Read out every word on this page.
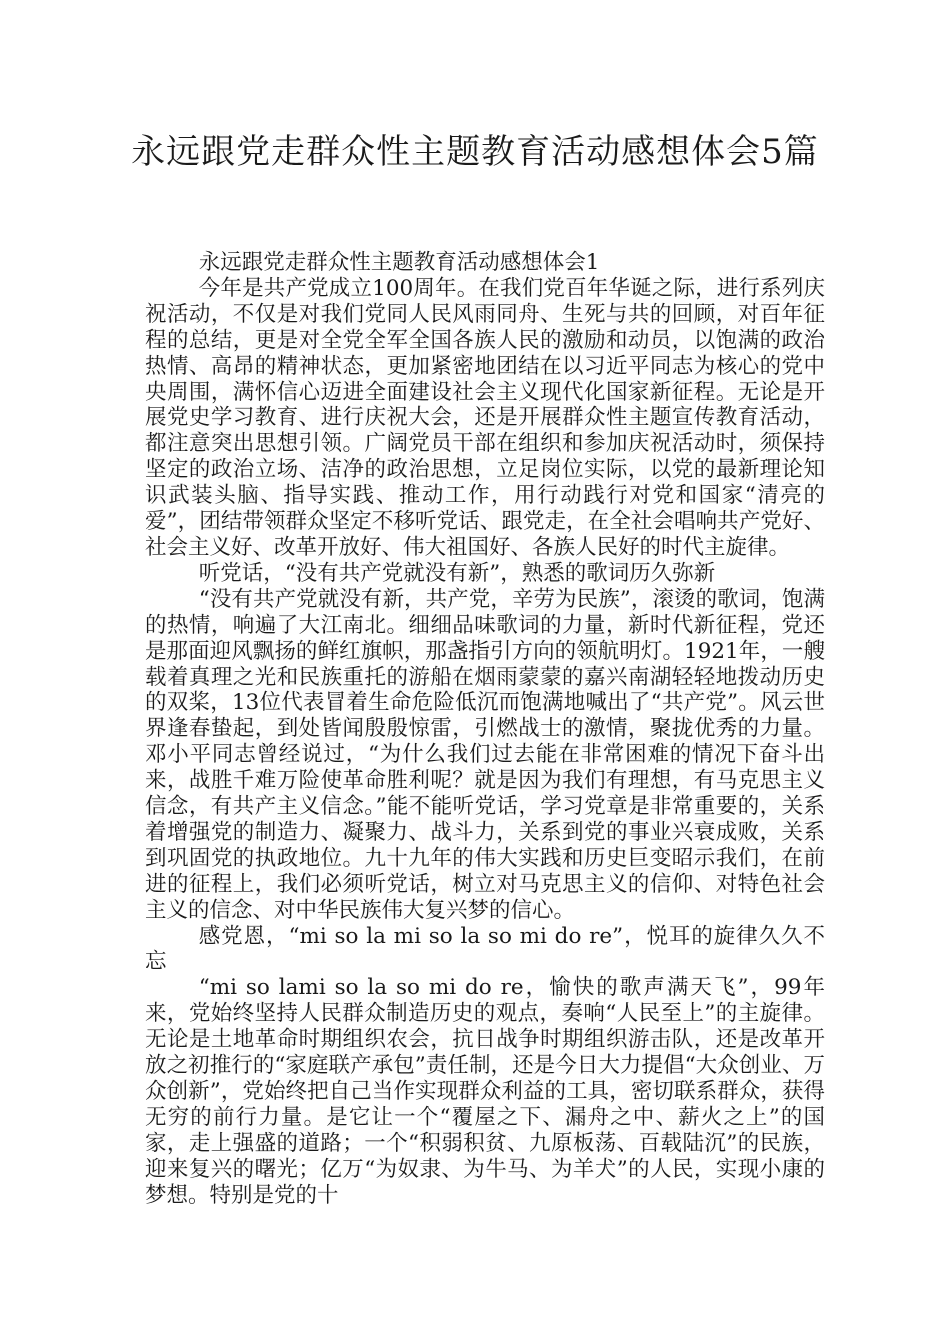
永远跟党走群众性主题教育活动感想体会5篇

永远跟党走群众性主题教育活动感想体会1

今年是共产党成立100周年。在我们党百年华诞之际，进行系列庆祝活动，不仅是对我们党同人民风雨同舟、生死与共的回顾，对百年征程的总结，更是对全党全军全国各族人民的激励和动员，以饱满的政治热情、高昂的精神状态，更加紧密地团结在以习近平同志为核心的党中央周围，满怀信心迈进全面建设社会主义现代化国家新征程。无论是开展党史学习教育、进行庆祝大会，还是开展群众性主题宣传教育活动，都注意突出思想引领。广阔党员干部在组织和参加庆祝活动时，须保持坚定的政治立场、洁净的政治思想，立足岗位实际，以党的最新理论知识武装头脑、指导实践、推动工作，用行动践行对党和国家“清亮的爱”，团结带领群众坚定不移听党话、跟党走，在全社会唱响共产党好、社会主义好、改革开放好、伟大祖国好、各族人民好的时代主旋律。

听党话，“没有共产党就没有新”，熟悉的歌词历久弥新

“没有共产党就没有新，共产党，辛劳为民族”，滚烫的歌词，饱满的热情，响遍了大江南北。细细品味歌词的力量，新时代新征程，党还是那面迎风飘扬的鲜红旗帜，那盏指引方向的领航明灯。1921年，一艘载着真理之光和民族重托的游船在烟雨蒙蒙的嘉兴南湖轻轻地拨动历史的双桨，13位代表冒着生命危险低沉而饱满地喊出了“共产党”。风云世界逢春蛰起，到处皆闻殷殷惊雷，引燃战士的激情，聚拢优秀的力量。邓小平同志曾经说过，“为什么我们过去能在非常困难的情况下奋斗出来，战胜千难万险使革命胜利呢？就是因为我们有理想，有马克思主义信念，有共产主义信念。”能不能听党话，学习党章是非常重要的，关系着增强党的制造力、凝聚力、战斗力，关系到党的事业兴衰成败，关系到巩固党的执政地位。九十九年的伟大实践和历史巨变昭示我们，在前进的征程上，我们必须听党话，树立对马克思主义的信仰、对特色社会主义的信念、对中华民族伟大复兴梦的信心。

感党恩，“mi so la mi so la so mi do re”，悦耳的旋律久久不忘

“mi so lami so la so mi do re，愉快的歌声满天飞”，99年来，党始终坚持人民群众制造历史的观点，奏响“人民至上”的主旋律。无论是土地革命时期组织农会，抗日战争时期组织游击队，还是改革开放之初推行的“家庭联产承包”责任制，还是今日大力提倡“大众创业、万众创新”，党始终把自己当作实现群众利益的工具，密切联系群众，获得无穷的前行力量。是它让一个“覆屋之下、漏舟之中、薪火之上”的国家，走上强盛的道路；一个“积弱积贫、九原板荡、百载陆沉”的民族，迎来复兴的曙光；亿万“为奴隶、为牛马、为羊犬”的人民，实现小康的梦想。特别是党的十
